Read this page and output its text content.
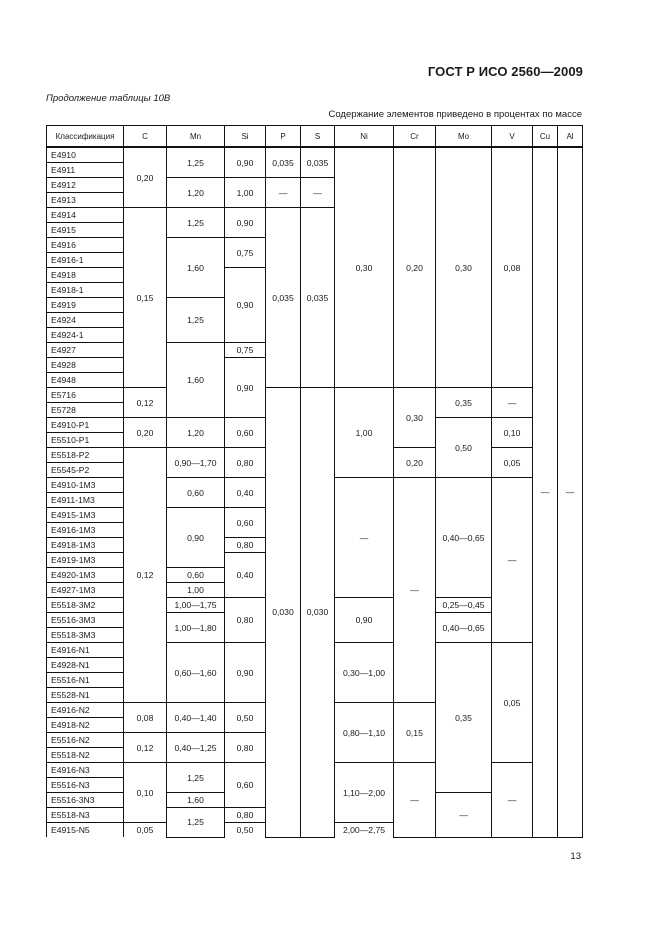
ГОСТ Р ИСО 2560—2009
Продолжение таблицы 10B
Содержание элементов приведено в процентах по массе
Классификация	C	Mn	Si	P	S	Ni	Cr	Mo	V	Cu	Al
E4910	0,20	1,25	0,90	0,035	0,035	0,30	0,20	0,30	0,08	—	—
E4911											
E4912		1,20	1,00	—	—						
E4913											
E4914	0,15	1,25	0,90	0,035	0,035						
E4915											
E4916		1,60	0,75								
E4916-1											
E4918			0,90								
E4918-1											
E4919		1,25									
E4924											
E4924-1											
E4927		1,60	0,75								
E4928			0,90								
E4948											
E5716	0,12			0,030	0,030	1,00	0,30	0,35	—		
E5728											
E4910-P1	0,20	1,20	0,60					0,50	0,10		
E5510-P1											
E5518-P2	0,12	0,90—1,70	0,80				0,20		0,05		
E5545-P2											
E4910-1M3		0,60	0,40			—	—	0,40—0,65	—		
E4911-1M3											
E4915-1M3		0,90	0,60								
E4916-1M3											
E4918-1M3			0,80								
E4919-1M3			0,40								
E4920-1M3		0,60									
E4927-1M3		1,00									
E5518-3M2		1,00—1,75	0,80			0,90		0,25—0,45			
E5516-3M3		1,00—1,80						0,40—0,65			
E5518-3M3											
E4916-N1		0,60—1,60	0,90			0,30—1,00		0,35	0,05		
E4928-N1											
E5516-N1											
E5528-N1											
E4916-N2	0,08	0,40—1,40	0,50			0,80—1,10	0,15				
E4918-N2											
E5516-N2	0,12	0,40—1,25	0,80								
E5518-N2											
E4916-N3	0,10	1,25	0,60			1,10—2,00	—		—		
E5516-N3											
E5516-3N3		1,60						—			
E5518-N3		1,25	0,80								
E4915-N5	0,05		0,50			2,00—2,75					
13
